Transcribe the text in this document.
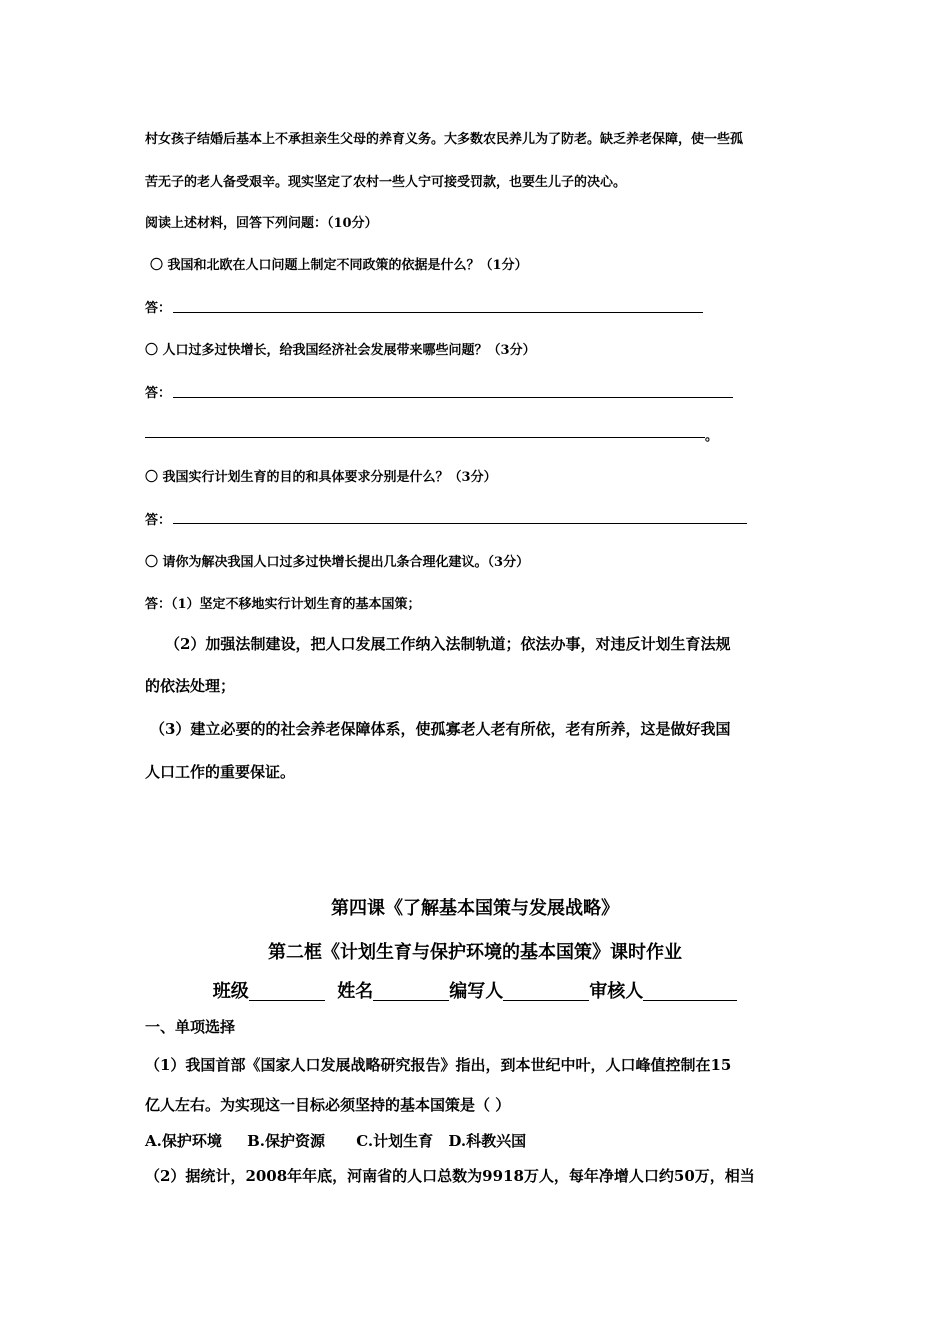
村女孩子结婚后基本上不承担亲生父母的养育义务。大多数农民养儿为了防老。缺乏养老保障，使一些孤
苦无子的老人备受艰辛。现实坚定了农村一些人宁可接受罚款，也要生儿子的决心。
阅读上述材料，回答下列问题：（10分）
〇 我国和北欧在人口问题上制定不同政策的依据是什么？（1分）
答：
〇 人口过多过快增长，给我国经济社会发展带来哪些问题？（3分）
答：
。
〇 我国实行计划生育的目的和具体要求分别是什么？（3分）
答：
〇 请你为解决我国人口过多过快增长提出几条合理化建议。（3分）
答：（1）坚定不移地实行计划生育的基本国策；
（2）加强法制建设，把人口发展工作纳入法制轨道；依法办事，对违反计划生育法规
的依法处理；
（3）建立必要的的社会养老保障体系，使孤寡老人老有所依，老有所养，这是做好我国
人口工作的重要保证。
第四课《了解基本国策与发展战略》
第二框《计划生育与保护环境的基本国策》课时作业
班级	姓名	编写人	审核人
一、单项选择
（1）我国首部《国家人口发展战略研究报告》指出，到本世纪中叶，人口峰值控制在15
亿人左右。为实现这一目标必须坚持的基本国策是（ ）
A.保护环境 B.保护资源 C.计划生育 D.科教兴国
（2）据统计，2008年年底，河南省的人口总数为9918万人，每年净增人口约50万，相当
